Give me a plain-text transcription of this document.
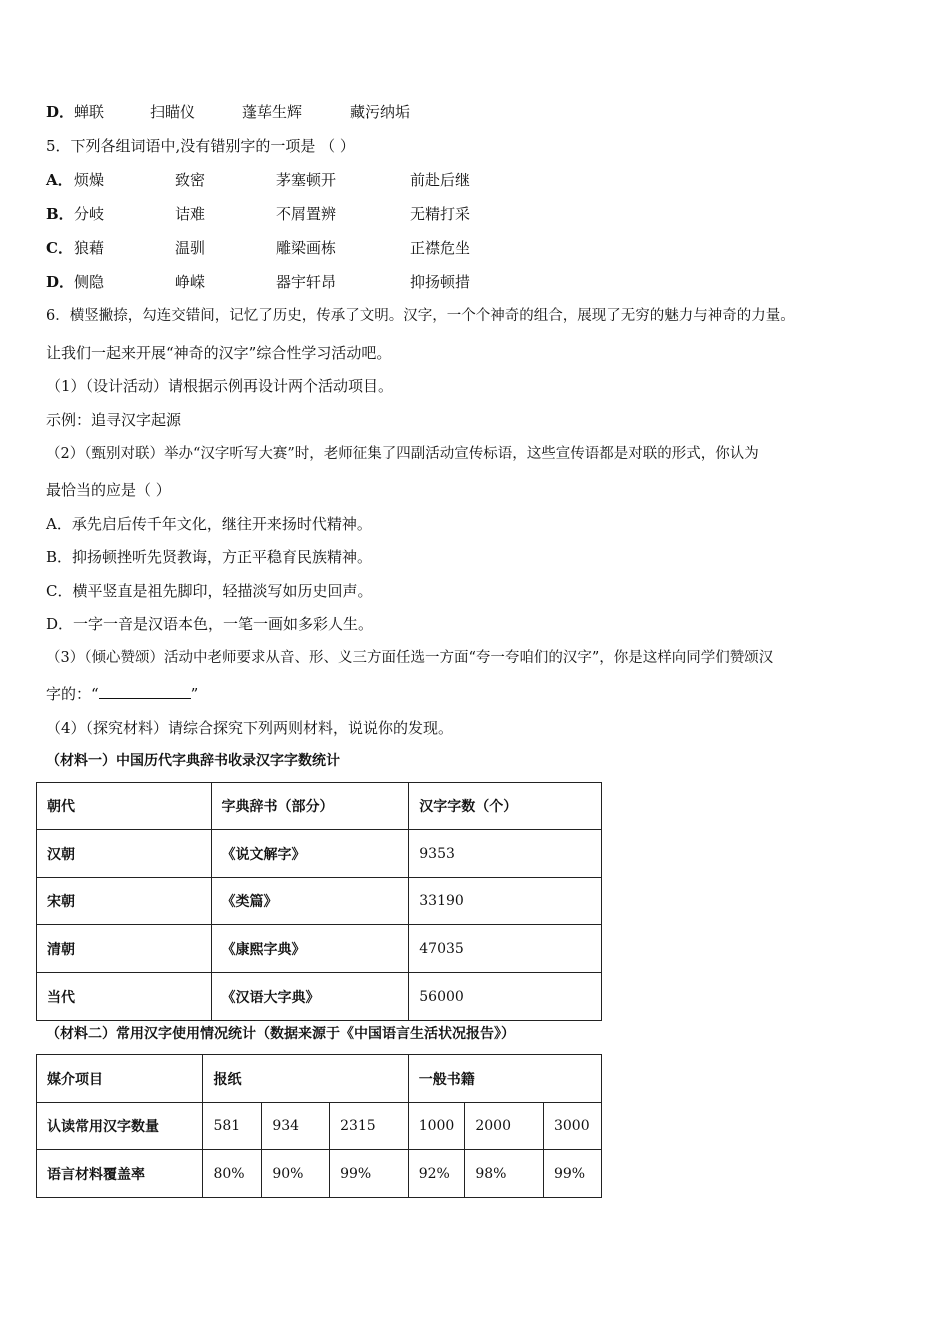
D． 蝉联	扫瞄仪	蓬荜生辉	藏污纳垢
5．下列各组词语中,没有错别字的一项是 （ ）
A． 烦燥	致密	茅塞顿开	前赴后继
B． 分岐	诘难	不屑置辨	无精打采
C． 狼藉	温驯	雕梁画栋	正襟危坐
D． 侧隐	峥嵘	器宇轩昂	抑扬顿措
6．横竖撇捺，勾连交错间，记忆了历史，传承了文明。汉字，一个个神奇的组合，展现了无穷的魅力与神奇的力量。
让我们一起来开展“神奇的汉字”综合性学习活动吧。
（1）（设计活动）请根据示例再设计两个活动项目。
示例：追寻汉字起源
（2）（甄别对联）举办“汉字听写大赛”时，老师征集了四副活动宣传标语，这些宣传语都是对联的形式，你认为
最恰当的应是（ ）
A．承先启后传千年文化，继往开来扬时代精神。
B．抑扬顿挫听先贤教诲，方正平稳育民族精神。
C．横平竖直是祖先脚印，轻描淡写如历史回声。
D．一字一音是汉语本色，一笔一画如多彩人生。
（3）（倾心赞颂）活动中老师要求从音、形、义三方面任选一方面“夸一夸咱们的汉字”，你是这样向同学们赞颂汉
字的：“	”
（4）（探究材料）请综合探究下列两则材料，说说你的发现。
（材料一）中国历代字典辞书收录汉字字数统计
朝代	字典辞书（部分）	汉字字数（个）
汉朝	《说文解字》	9353
宋朝	《类篇》	33190
清朝	《康熙字典》	47035
当代	《汉语大字典》	56000
（材料二）常用汉字使用情况统计（数据来源于《中国语言生活状况报告》）
媒介项目	报纸			一般书籍		
认读常用汉字数量	581	934	2315	1000	2000	3000
语言材料覆盖率	80%	90%	99%	92%	98%	99%
